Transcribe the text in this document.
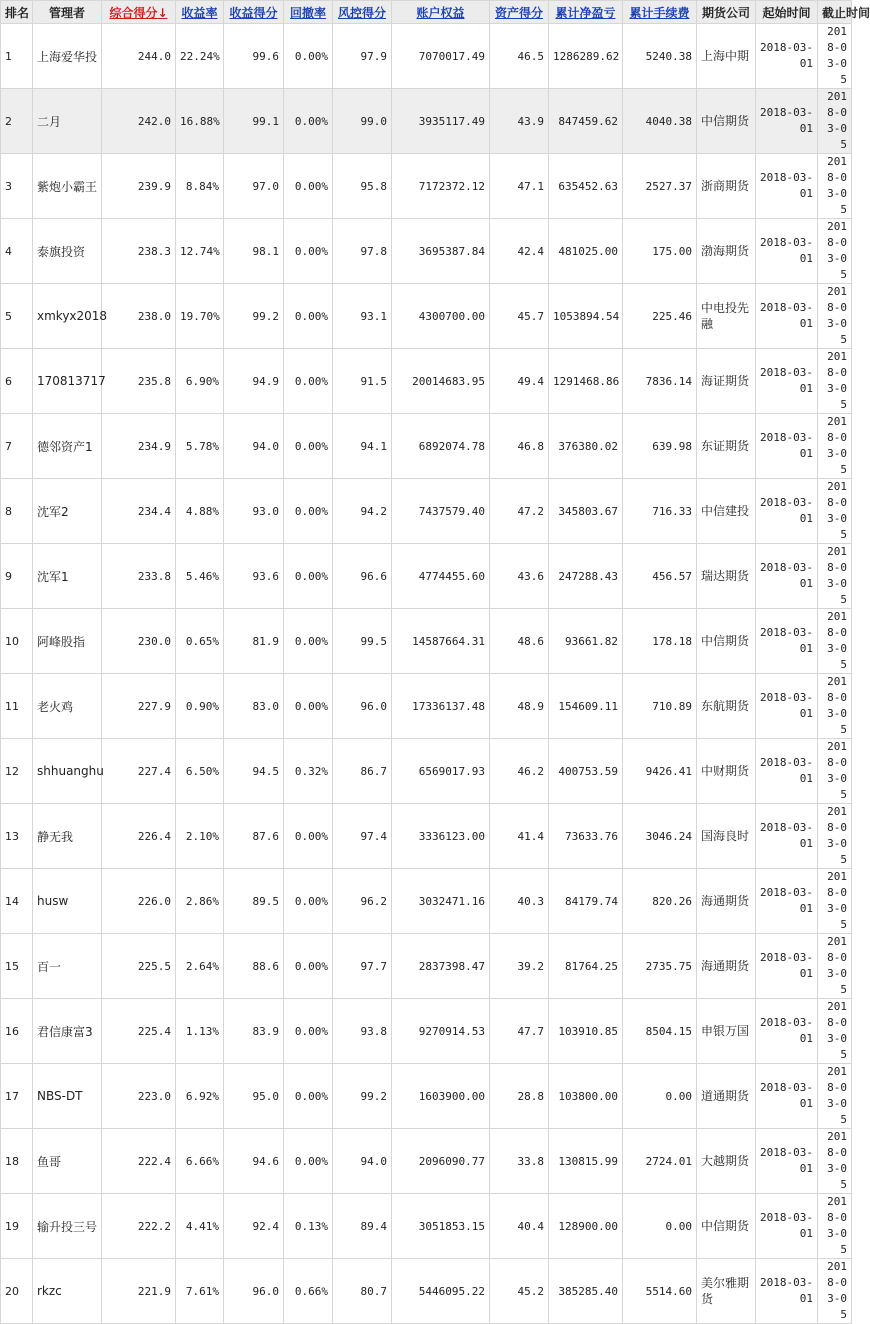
排名	管理者	综合得分↓	收益率	收益得分	回撤率	风控得分	账户权益	资产得分	累计净盈亏	累计手续费	期货公司	起始时间	截止时间
1	上海爱华投	244.0	22.24%	99.6	0.00%	97.9	7070017.49	46.5	1286289.62	5240.38	上海中期	2018-03-01	2018-03-05
2	二月	242.0	16.88%	99.1	0.00%	99.0	3935117.49	43.9	847459.62	4040.38	中信期货	2018-03-01	2018-03-05
3	紫炮小霸王	239.9	8.84%	97.0	0.00%	95.8	7172372.12	47.1	635452.63	2527.37	浙商期货	2018-03-01	2018-03-05
4	泰旗投资	238.3	12.74%	98.1	0.00%	97.8	3695387.84	42.4	481025.00	175.00	渤海期货	2018-03-01	2018-03-05
5	xmkyx2018	238.0	19.70%	99.2	0.00%	93.1	4300700.00	45.7	1053894.54	225.46	中电投先融	2018-03-01	2018-03-05
6	170813717	235.8	6.90%	94.9	0.00%	91.5	20014683.95	49.4	1291468.86	7836.14	海证期货	2018-03-01	2018-03-05
7	德邻资产1	234.9	5.78%	94.0	0.00%	94.1	6892074.78	46.8	376380.02	639.98	东证期货	2018-03-01	2018-03-05
8	沈军2	234.4	4.88%	93.0	0.00%	94.2	7437579.40	47.2	345803.67	716.33	中信建投	2018-03-01	2018-03-05
9	沈军1	233.8	5.46%	93.6	0.00%	96.6	4774455.60	43.6	247288.43	456.57	瑞达期货	2018-03-01	2018-03-05
10	阿峰股指	230.0	0.65%	81.9	0.00%	99.5	14587664.31	48.6	93661.82	178.18	中信期货	2018-03-01	2018-03-05
11	老火鸡	227.9	0.90%	83.0	0.00%	96.0	17336137.48	48.9	154609.11	710.89	东航期货	2018-03-01	2018-03-05
12	shhuanghu	227.4	6.50%	94.5	0.32%	86.7	6569017.93	46.2	400753.59	9426.41	中财期货	2018-03-01	2018-03-05
13	静无我	226.4	2.10%	87.6	0.00%	97.4	3336123.00	41.4	73633.76	3046.24	国海良时	2018-03-01	2018-03-05
14	husw	226.0	2.86%	89.5	0.00%	96.2	3032471.16	40.3	84179.74	820.26	海通期货	2018-03-01	2018-03-05
15	百一	225.5	2.64%	88.6	0.00%	97.7	2837398.47	39.2	81764.25	2735.75	海通期货	2018-03-01	2018-03-05
16	君信康富3	225.4	1.13%	83.9	0.00%	93.8	9270914.53	47.7	103910.85	8504.15	申银万国	2018-03-01	2018-03-05
17	NBS-DT	223.0	6.92%	95.0	0.00%	99.2	1603900.00	28.8	103800.00	0.00	道通期货	2018-03-01	2018-03-05
18	鱼哥	222.4	6.66%	94.6	0.00%	94.0	2096090.77	33.8	130815.99	2724.01	大越期货	2018-03-01	2018-03-05
19	输升投三号	222.2	4.41%	92.4	0.13%	89.4	3051853.15	40.4	128900.00	0.00	中信期货	2018-03-01	2018-03-05
20	rkzc	221.9	7.61%	96.0	0.66%	80.7	5446095.22	45.2	385285.40	5514.60	美尔雅期货	2018-03-01	2018-03-05
